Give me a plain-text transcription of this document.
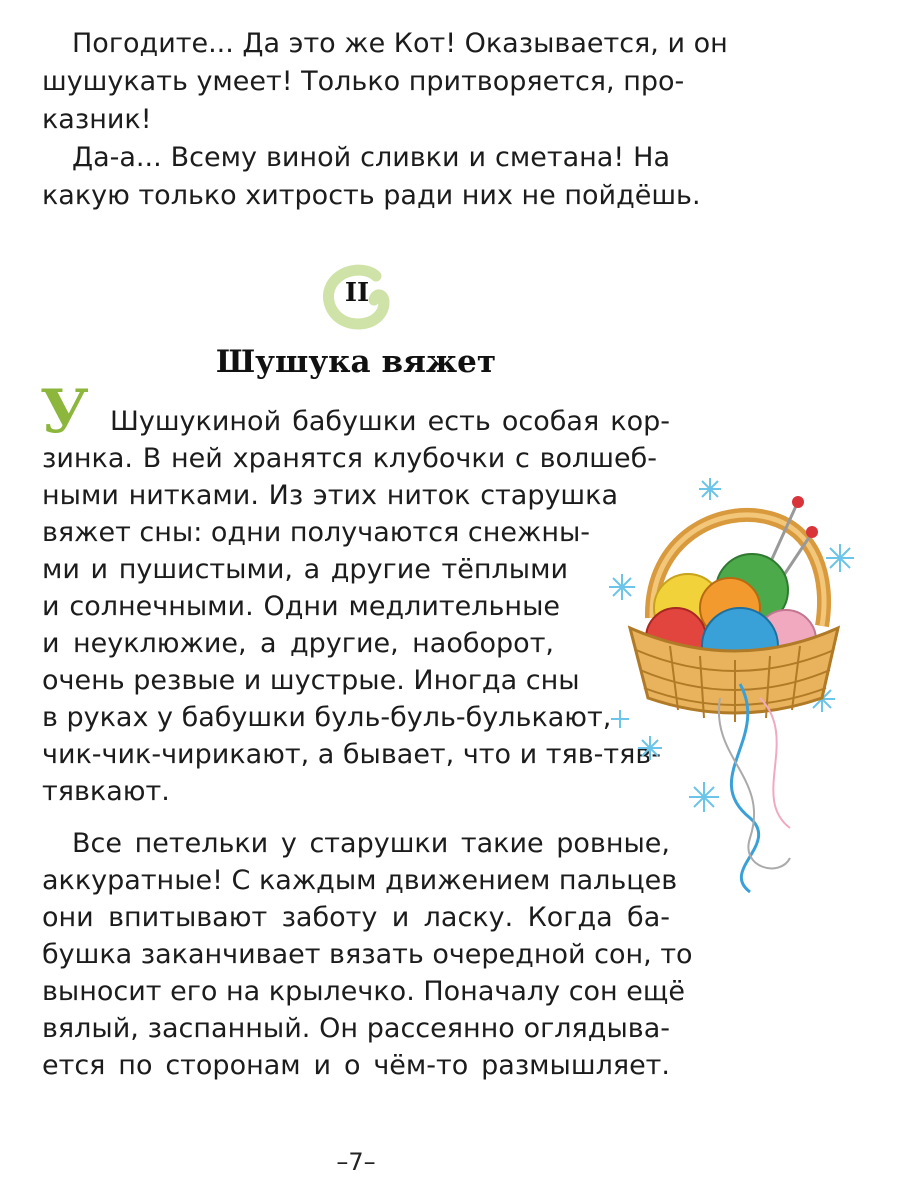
Погодите... Да это же Кот! Оказывается, и он
шушукать умеет! Только притворяется, про-
казник!
Да-а... Всему виной сливки и сметана! На
какую только хитрость ради них не пойдёшь.
II
Шушука вяжет
У Шушукиной бабушки есть особая кор-
зинка. В ней хранятся клубочки с волшеб-
ными нитками. Из этих ниток старушка
вяжет сны: одни получаются снежны-
ми и пушистыми, а другие тёплыми
и солнечными. Одни медлительные
и неуклюжие, а другие, наоборот,
очень резвые и шустрые. Иногда сны
в руках у бабушки буль-буль-булькают,
чик-чик-чирикают, а бывает, что и тяв-тяв-
тявкают.
Все петельки у старушки такие ровные,
аккуратные! С каждым движением пальцев
они впитывают заботу и ласку. Когда ба-
бушка заканчивает вязать очередной сон, то
выносит его на крылечко. Поначалу сон ещё
вялый, заспанный. Он рассеянно оглядыва-
ется по сторонам и о чём-то размышляет.
–7–
